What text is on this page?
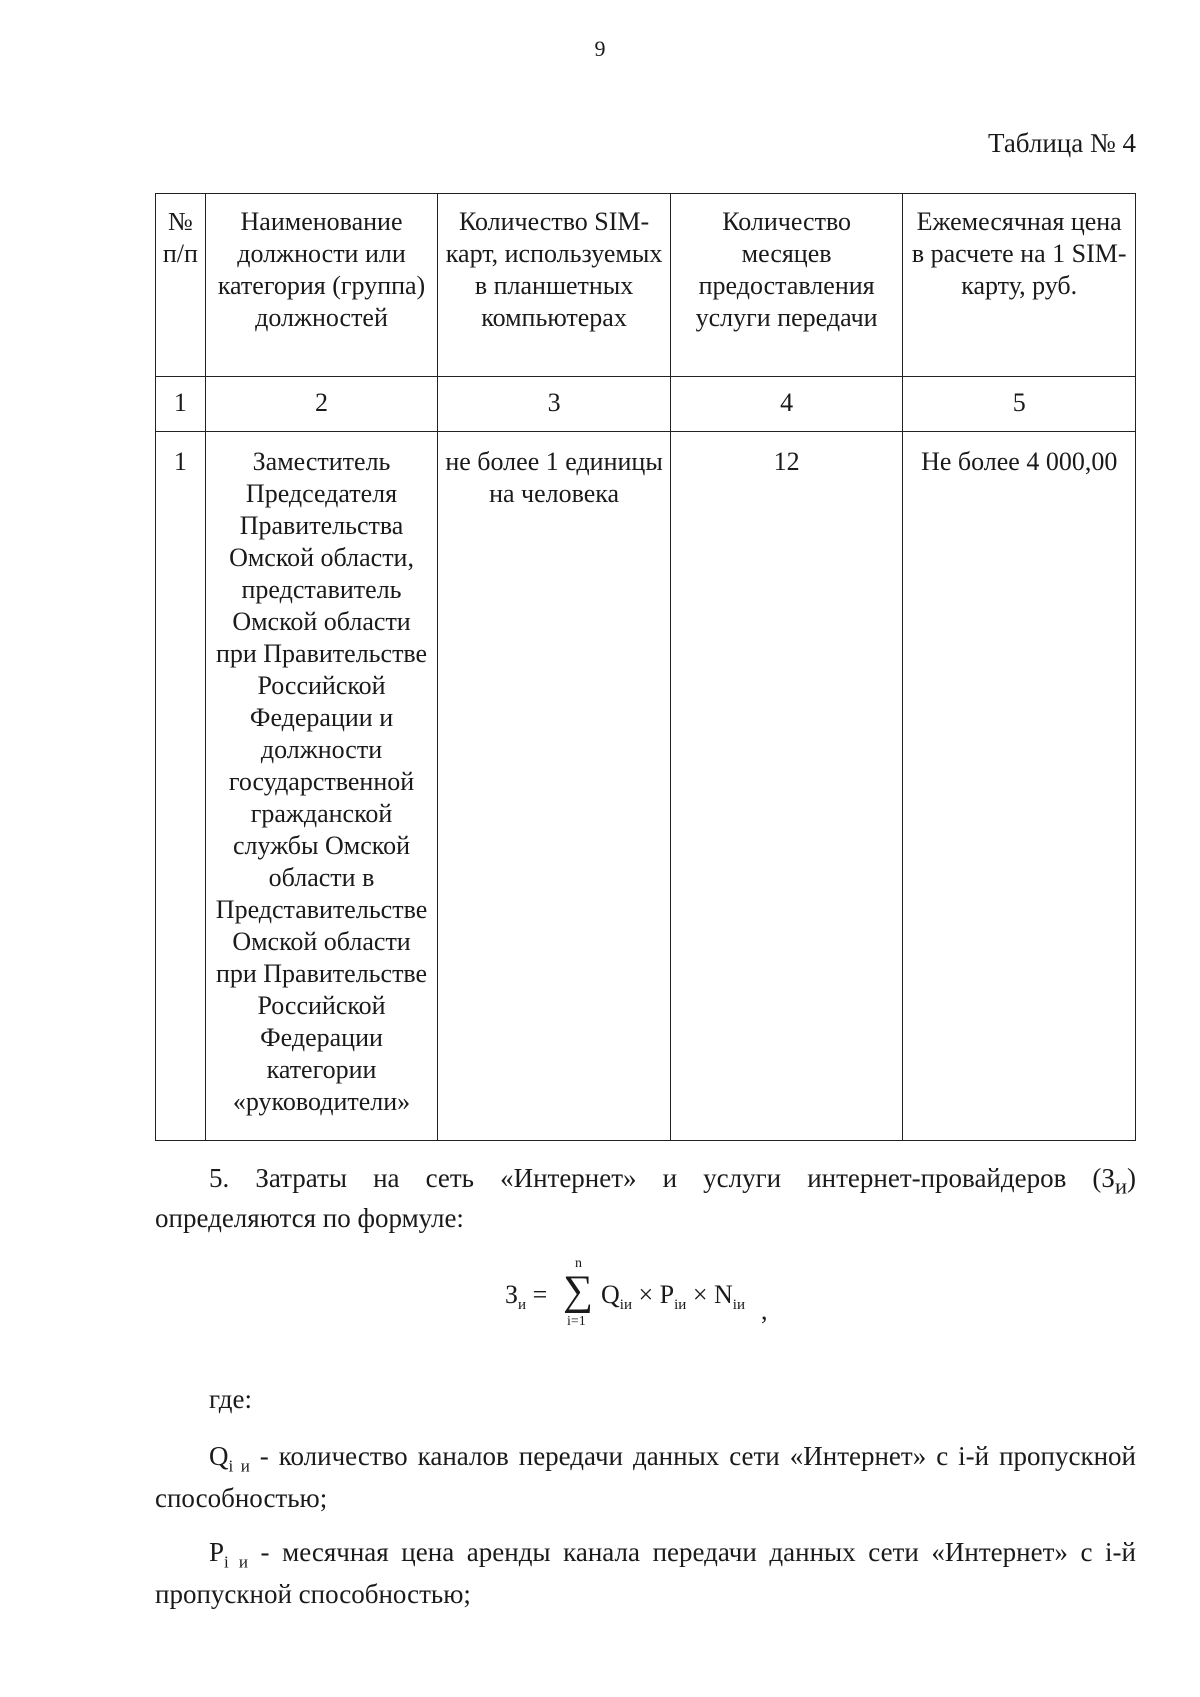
9
Таблица № 4
№ п/п	Наименование должности или категория (группа) должностей	Количество SIM-карт, используемых в планшетных компьютерах	Количество месяцев предоставления услуги передачи	Ежемесячная цена в расчете на 1 SIM-карту, руб.
1	2	3	4	5
1	Заместитель Председателя Правительства Омской области, представитель Омской области при Правительстве Российской Федерации и должности государственной гражданской службы Омской области в Представительстве Омской области при Правительстве Российской Федерации категории «руководители»	не более 1 единицы на человека	12	Не более 4 000,00
5. Затраты на сеть «Интернет» и услуги интернет-провайдеров $(З_и)$ определяются по формуле:
$З_и$ =
n
∑
i=1
$Q_{iи} \times P_{iи} \times N_{iи}$ ,
где:
$Q_{i и}$ - количество каналов передачи данных сети «Интернет» с i-й пропускной способностью;
$P_{i и}$ - месячная цена аренды канала передачи данных сети «Интернет» с i-й пропускной способностью;
